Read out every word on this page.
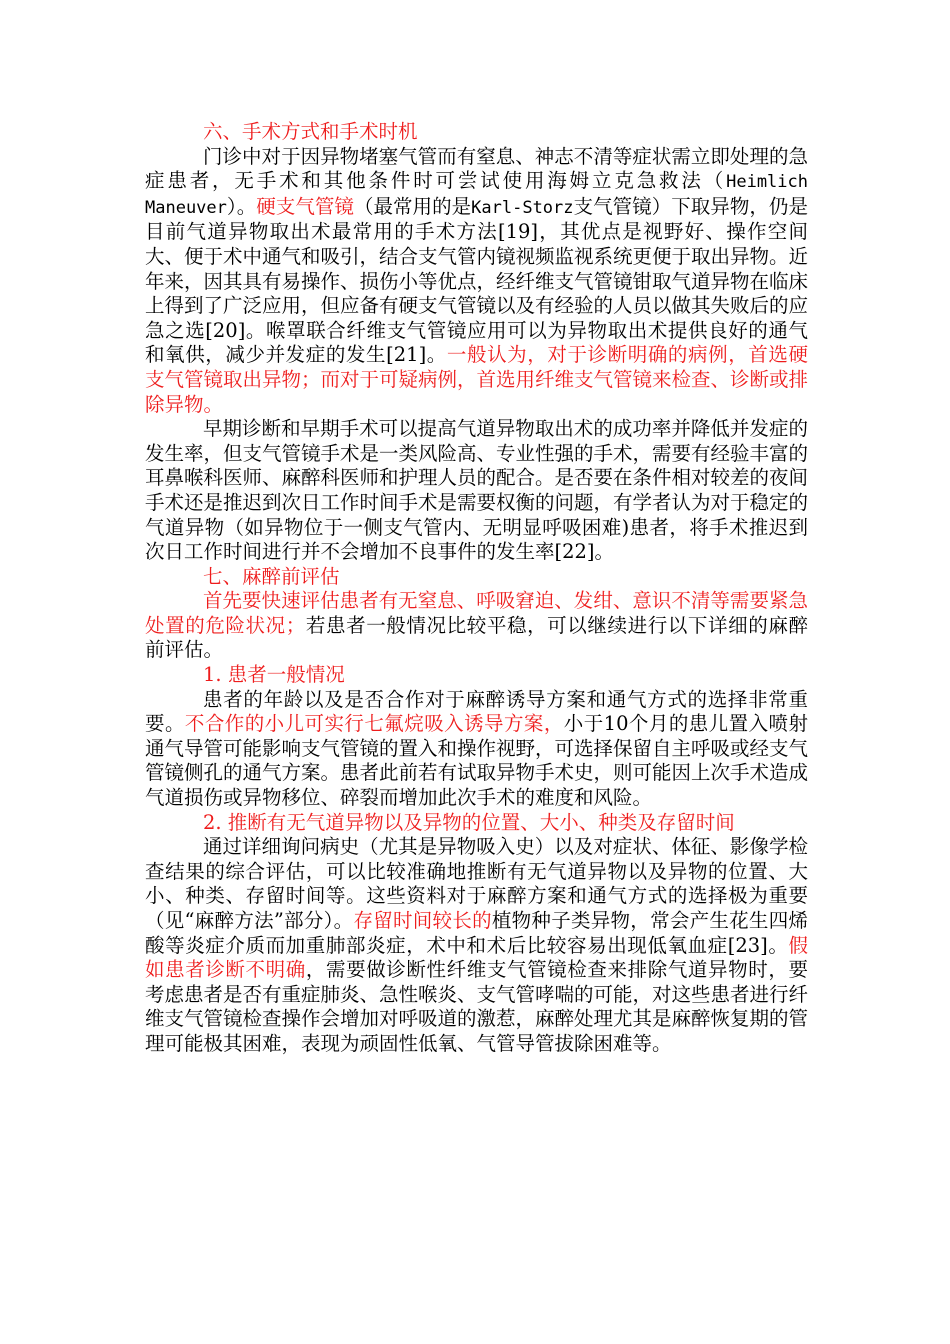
六、手术方式和手术时机

门诊中对于因异物堵塞气管而有窒息、神志不清等症状需立即处理的急症患者，无手术和其他条件时可尝试使用海姆立克急救法（Heimlich Maneuver）。硬支气管镜（最常用的是Karl-Storz支气管镜）下取异物，仍是目前气道异物取出术最常用的手术方法[19]，其优点是视野好、操作空间大、便于术中通气和吸引，结合支气管内镜视频监视系统更便于取出异物。近年来，因其具有易操作、损伤小等优点，经纤维支气管镜钳取气道异物在临床上得到了广泛应用，但应备有硬支气管镜以及有经验的人员以做其失败后的应急之选[20]。喉罩联合纤维支气管镜应用可以为异物取出术提供良好的通气和氧供，减少并发症的发生[21]。一般认为，对于诊断明确的病例，首选硬支气管镜取出异物；而对于可疑病例，首选用纤维支气管镜来检查、诊断或排除异物。

早期诊断和早期手术可以提高气道异物取出术的成功率并降低并发症的发生率，但支气管镜手术是一类风险高、专业性强的手术，需要有经验丰富的耳鼻喉科医师、麻醉科医师和护理人员的配合。是否要在条件相对较差的夜间手术还是推迟到次日工作时间手术是需要权衡的问题，有学者认为对于稳定的气道异物（如异物位于一侧支气管内、无明显呼吸困难)患者，将手术推迟到次日工作时间进行并不会增加不良事件的发生率[22]。

七、麻醉前评估

首先要快速评估患者有无窒息、呼吸窘迫、发绀、意识不清等需要紧急处置的危险状况；若患者一般情况比较平稳，可以继续进行以下详细的麻醉前评估。

1. 患者一般情况

患者的年龄以及是否合作对于麻醉诱导方案和通气方式的选择非常重要。不合作的小儿可实行七氟烷吸入诱导方案，小于10个月的患儿置入喷射通气导管可能影响支气管镜的置入和操作视野，可选择保留自主呼吸或经支气管镜侧孔的通气方案。患者此前若有试取异物手术史，则可能因上次手术造成气道损伤或异物移位、碎裂而增加此次手术的难度和风险。

2. 推断有无气道异物以及异物的位置、大小、种类及存留时间

通过详细询问病史（尤其是异物吸入史）以及对症状、体征、影像学检查结果的综合评估，可以比较准确地推断有无气道异物以及异物的位置、大小、种类、存留时间等。这些资料对于麻醉方案和通气方式的选择极为重要（见“麻醉方法”部分）。存留时间较长的植物种子类异物，常会产生花生四烯酸等炎症介质而加重肺部炎症，术中和术后比较容易出现低氧血症[23]。假如患者诊断不明确，需要做诊断性纤维支气管镜检查来排除气道异物时，要考虑患者是否有重症肺炎、急性喉炎、支气管哮喘的可能，对这些患者进行纤维支气管镜检查操作会增加对呼吸道的激惹，麻醉处理尤其是麻醉恢复期的管理可能极其困难，表现为顽固性低氧、气管导管拔除困难等。
